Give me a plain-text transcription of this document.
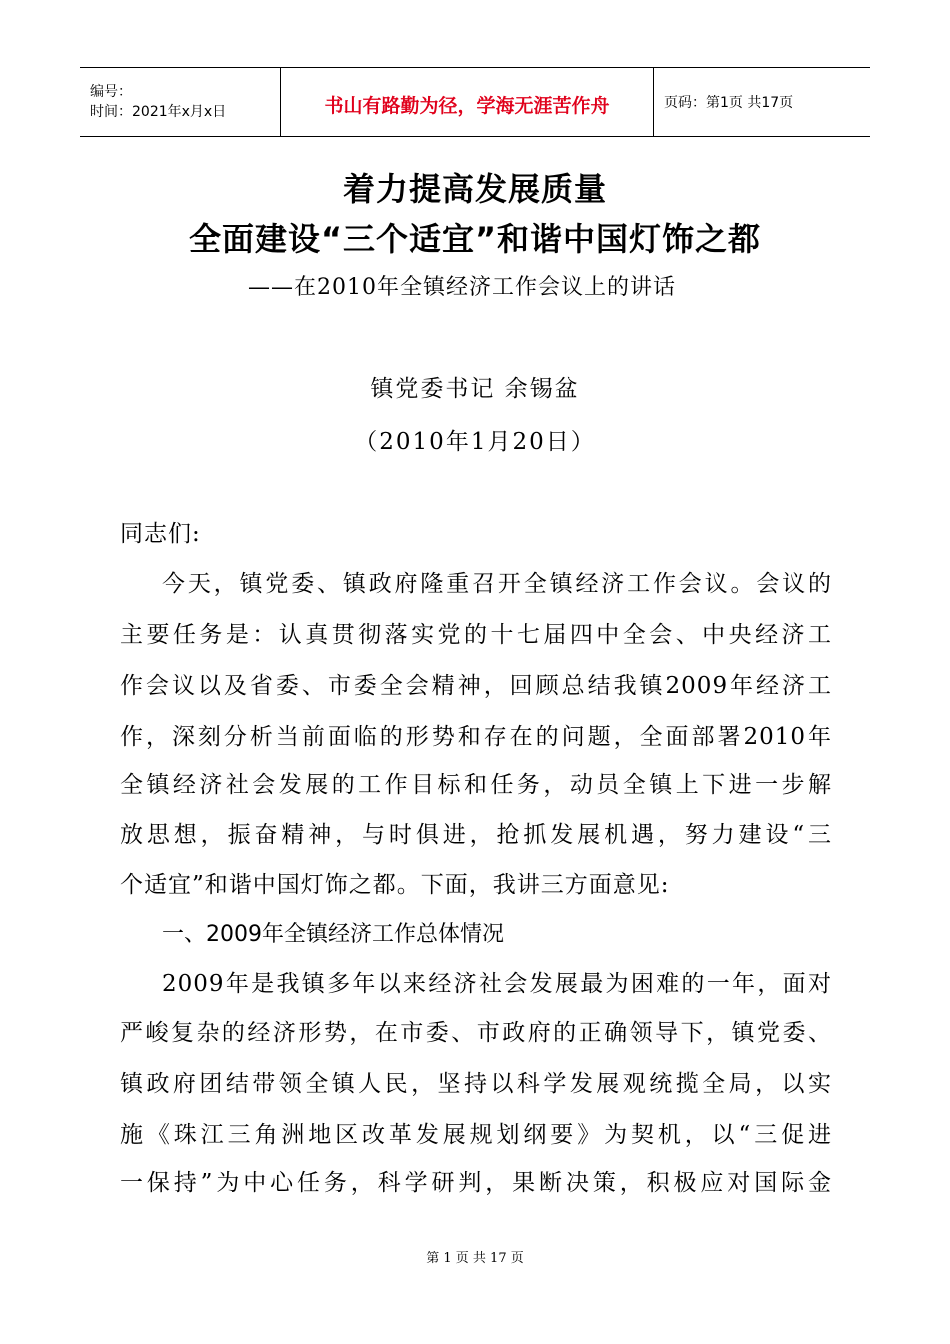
编号：
时间：2021年x月x日	书山有路勤为径，学海无涯苦作舟	页码：第1页 共17页
着力提高发展质量
全面建设“三个适宜”和谐中国灯饰之都
——在2010年全镇经济工作会议上的讲话
镇党委书记 余锡盆
（2010年1月20日）
同志们:
今天，镇党委、镇政府隆重召开全镇经济工作会议。会议的
主要任务是：认真贯彻落实党的十七届四中全会、中央经济工
作会议以及省委、市委全会精神，回顾总结我镇2009年经济工
作，深刻分析当前面临的形势和存在的问题，全面部署2010年
全镇经济社会发展的工作目标和任务，动员全镇上下进一步解
放思想，振奋精神，与时俱进，抢抓发展机遇，努力建设“三
个适宜”和谐中国灯饰之都。下面，我讲三方面意见:
一、2009年全镇经济工作总体情况
2009年是我镇多年以来经济社会发展最为困难的一年，面对
严峻复杂的经济形势，在市委、市政府的正确领导下，镇党委、
镇政府团结带领全镇人民，坚持以科学发展观统揽全局，以实
施《珠江三角洲地区改革发展规划纲要》为契机，以“三促进
一保持”为中心任务，科学研判，果断决策，积极应对国际金
第 1 页 共 17 页
